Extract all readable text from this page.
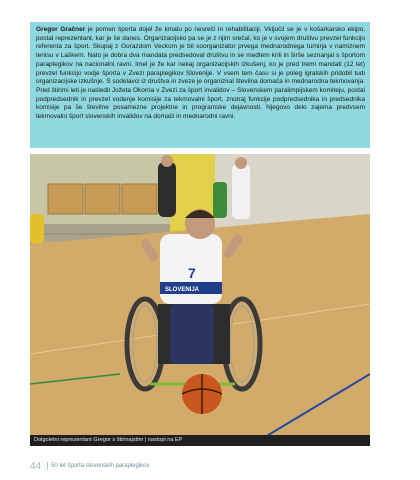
Gregor Gračner je pomen športa dojel že kmalu po nesreči in rehabilitaciji. Vključil se je v košarkarsko ekipo, postal reprezentant, kar je še danes. Organizacijsko pa se je z njim srečal, ko je v svojem društvu prevzel funkcijo referenta za šport. Skupaj z Gorazdom Veckom je bil soorganizator prvega mednarodnega turnirja v namiznem tenisu v Laškem. Nato je dobra dva mandata predsedoval društvu in se medtem krili in širše seznanjal s športom paraplegikov na nacionalni ravni. Imel je že kar nekaj organizacijskih izkušenj, ko je pred tremi mandati (12 let) prevzel funkcijo vodje športa v Zvezi paraplegikov Slovenije. V vsem tem času si je poleg igralskih pridobil tudi organizacijske izkušnje. S sodelavci iz društva in zveze je organiziral številna domača in mednarodna tekmovanja. Pred štirimi leti je nasledil Jožeta Okorna v Zvezi za šport invalidov – Slovenskem paralimpijskem komiteju, postal podpredsednik in prevzel vodenje komisije za tekmovalni šport, znotraj funkcije podpredsednika in predsednika komisije pa še številne posamezne projektne in programske dejavnosti. Njegovo delo zajema predvsem tekmovalni šport slovenskih invalidov na domači in mednarodni ravni.
7
SLOVENIJA
Dolgoletni reprezentant Gregor s štirinajstim | nastopi na EP
44 50 let športa slovenskih paraplegikov
